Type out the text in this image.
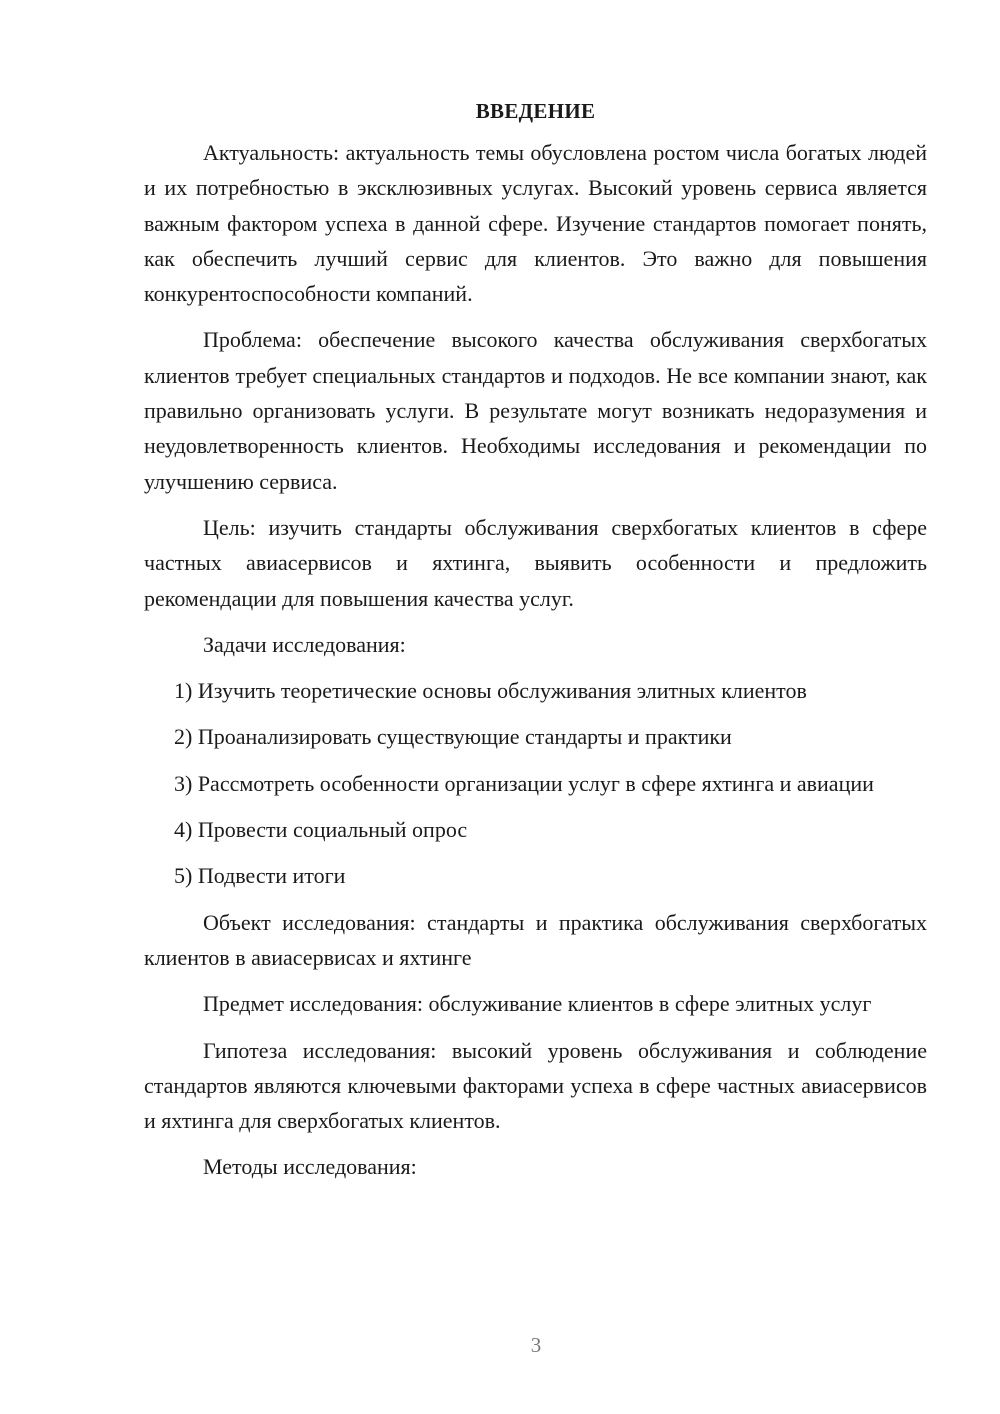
ВВЕДЕНИЕ

Актуальность: актуальность темы обусловлена ростом числа богатых людей и их потребностью в эксклюзивных услугах. Высокий уровень сервиса является важным фактором успеха в данной сфере. Изучение стандартов помогает понять, как обеспечить лучший сервис для клиентов. Это важно для повышения конкурентоспособности компаний.

Проблема: обеспечение высокого качества обслуживания сверхбогатых клиентов требует специальных стандартов и подходов. Не все компании знают, как правильно организовать услуги. В результате могут возникать недоразумения и неудовлетворенность клиентов. Необходимы исследования и рекомендации по улучшению сервиса.

Цель: изучить стандарты обслуживания сверхбогатых клиентов в сфере частных авиасервисов и яхтинга, выявить особенности и предложить рекомендации для повышения качества услуг.

Задачи исследования:

1) Изучить теоретические основы обслуживания элитных клиентов

2) Проанализировать существующие стандарты и практики

3) Рассмотреть особенности организации услуг в сфере яхтинга и авиации

4) Провести социальный опрос

5) Подвести итоги

Объект исследования: стандарты и практика обслуживания сверхбогатых клиентов в авиасервисах и яхтинге

Предмет исследования: обслуживание клиентов в сфере элитных услуг

Гипотеза исследования: высокий уровень обслуживания и соблюдение стандартов являются ключевыми факторами успеха в сфере частных авиасервисов и яхтинга для сверхбогатых клиентов.

Методы исследования:

3
